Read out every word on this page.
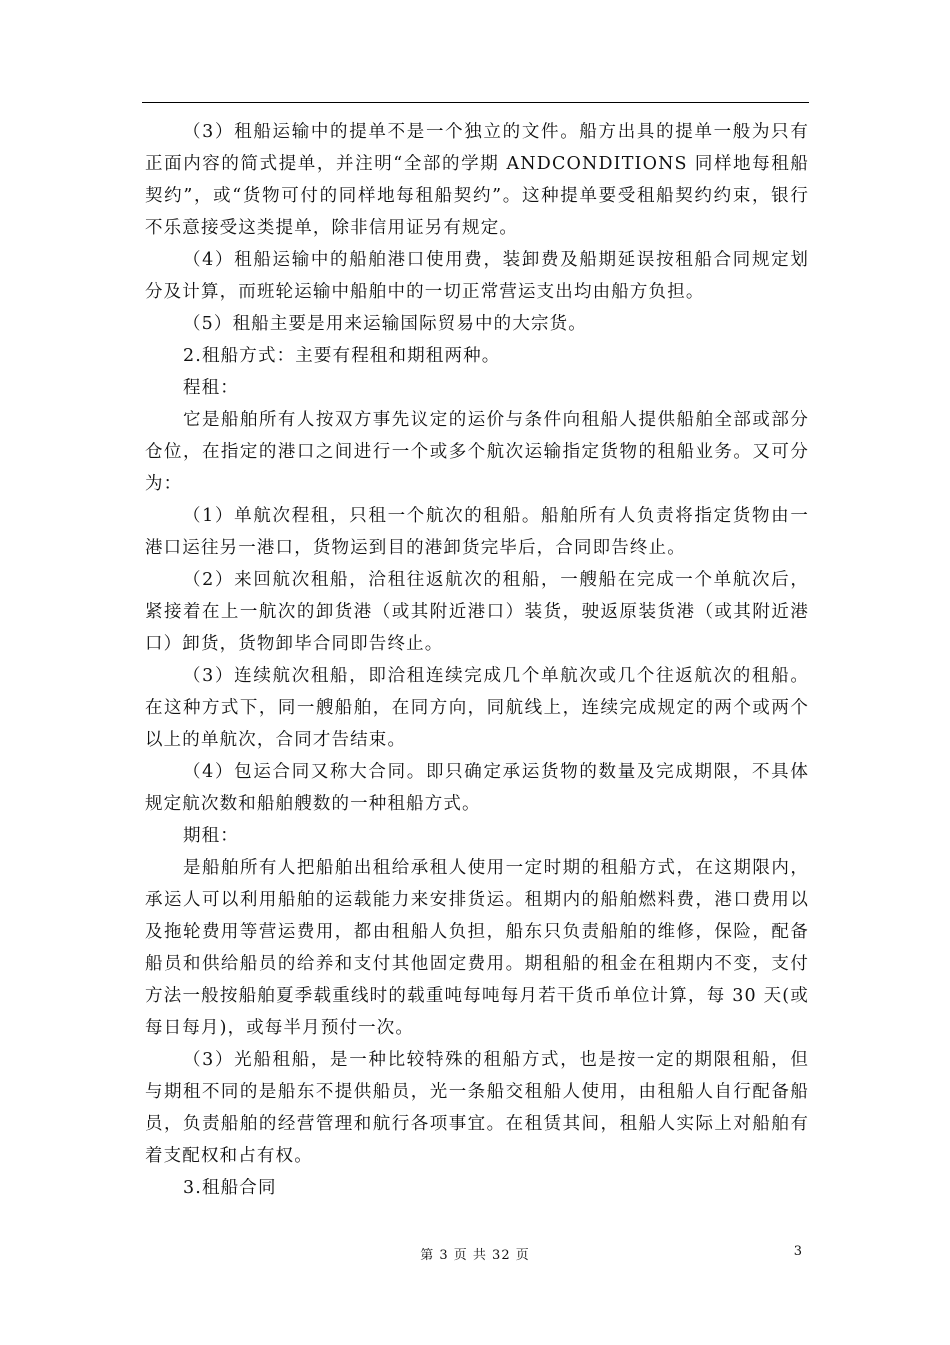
（3）租船运输中的提单不是一个独立的文件。船方出具的提单一般为只有正面内容的简式提单，并注明“全部的学期 ANDCONDITIONS 同样地每租船契约”，或“货物可付的同样地每租船契约”。这种提单要受租船契约约束，银行不乐意接受这类提单，除非信用证另有规定。

（4）租船运输中的船舶港口使用费，装卸费及船期延误按租船合同规定划分及计算，而班轮运输中船舶中的一切正常营运支出均由船方负担。

（5）租船主要是用来运输国际贸易中的大宗货。

2.租船方式：主要有程租和期租两种。

程租：

它是船舶所有人按双方事先议定的运价与条件向租船人提供船舶全部或部分仓位，在指定的港口之间进行一个或多个航次运输指定货物的租船业务。又可分为：

（1）单航次程租，只租一个航次的租船。船舶所有人负责将指定货物由一港口运往另一港口，货物运到目的港卸货完毕后，合同即告终止。

（2）来回航次租船，洽租往返航次的租船，一艘船在完成一个单航次后，紧接着在上一航次的卸货港（或其附近港口）装货，驶返原装货港（或其附近港口）卸货，货物卸毕合同即告终止。

（3）连续航次租船，即洽租连续完成几个单航次或几个往返航次的租船。在这种方式下，同一艘船舶，在同方向，同航线上，连续完成规定的两个或两个以上的单航次，合同才告结束。

（4）包运合同又称大合同。即只确定承运货物的数量及完成期限，不具体规定航次数和船舶艘数的一种租船方式。

期租：

是船舶所有人把船舶出租给承租人使用一定时期的租船方式，在这期限内，承运人可以利用船舶的运载能力来安排货运。租期内的船舶燃料费，港口费用以及拖轮费用等营运费用，都由租船人负担，船东只负责船舶的维修，保险，配备船员和供给船员的给养和支付其他固定费用。期租船的租金在租期内不变，支付方法一般按船舶夏季载重线时的载重吨每吨每月若干货币单位计算，每 30 天(或每日每月)，或每半月预付一次。

（3）光船租船，是一种比较特殊的租船方式，也是按一定的期限租船，但与期租不同的是船东不提供船员，光一条船交租船人使用，由租船人自行配备船员，负责船舶的经营管理和航行各项事宜。在租赁其间，租船人实际上对船舶有着支配权和占有权。

3.租船合同

第 3 页 共 32 页	3
